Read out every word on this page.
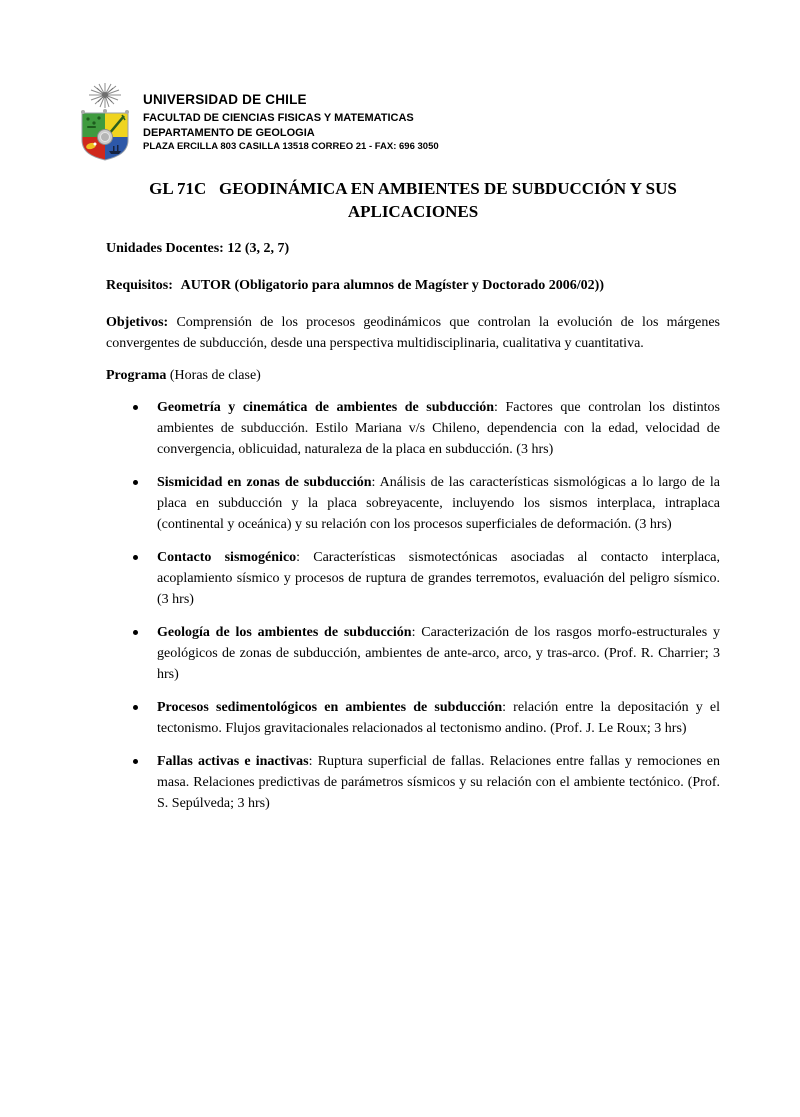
UNIVERSIDAD DE CHILE
FACULTAD DE CIENCIAS FISICAS Y MATEMATICAS
DEPARTAMENTO DE GEOLOGIA
PLAZA ERCILLA 803 CASILLA 13518 CORREO 21 - FAX: 696 3050
GL 71C   GEODINÁMICA EN AMBIENTES DE SUBDUCCIÓN Y SUS
APLICACIONES

Unidades Docentes: 12 (3, 2, 7)

Requisitos: AUTOR (Obligatorio para alumnos de Magíster y Doctorado 2006/02))

Objetivos: Comprensión de los procesos geodinámicos que controlan la evolución de los márgenes convergentes de subducción, desde una perspectiva multidisciplinaria, cualitativa y cuantitativa.

Programa (Horas de clase)

Geometría y cinemática de ambientes de subducción: Factores que controlan los distintos ambientes de subducción. Estilo Mariana v/s Chileno, dependencia con la edad, velocidad de convergencia, oblicuidad, naturaleza de la placa en subducción. (3 hrs)
Sismicidad en zonas de subducción: Análisis de las características sismológicas a lo largo de la placa en subducción y la placa sobreyacente, incluyendo los sismos interplaca, intraplaca (continental y oceánica) y su relación con los procesos superficiales de deformación. (3 hrs)
Contacto sismogénico: Características sismotectónicas asociadas al contacto interplaca, acoplamiento sísmico y procesos de ruptura de grandes terremotos, evaluación del peligro sísmico. (3 hrs)
Geología de los ambientes de subducción: Caracterización de los rasgos morfo-estructurales y geológicos de zonas de subducción, ambientes de ante-arco, arco, y tras-arco. (Prof. R. Charrier; 3 hrs)
Procesos sedimentológicos en ambientes de subducción: relación entre la depositación y el tectonismo. Flujos gravitacionales relacionados al tectonismo andino. (Prof. J. Le Roux; 3 hrs)
Fallas activas e inactivas: Ruptura superficial de fallas. Relaciones entre fallas y remociones en masa. Relaciones predictivas de parámetros sísmicos y su relación con el ambiente tectónico. (Prof. S. Sepúlveda; 3 hrs)
